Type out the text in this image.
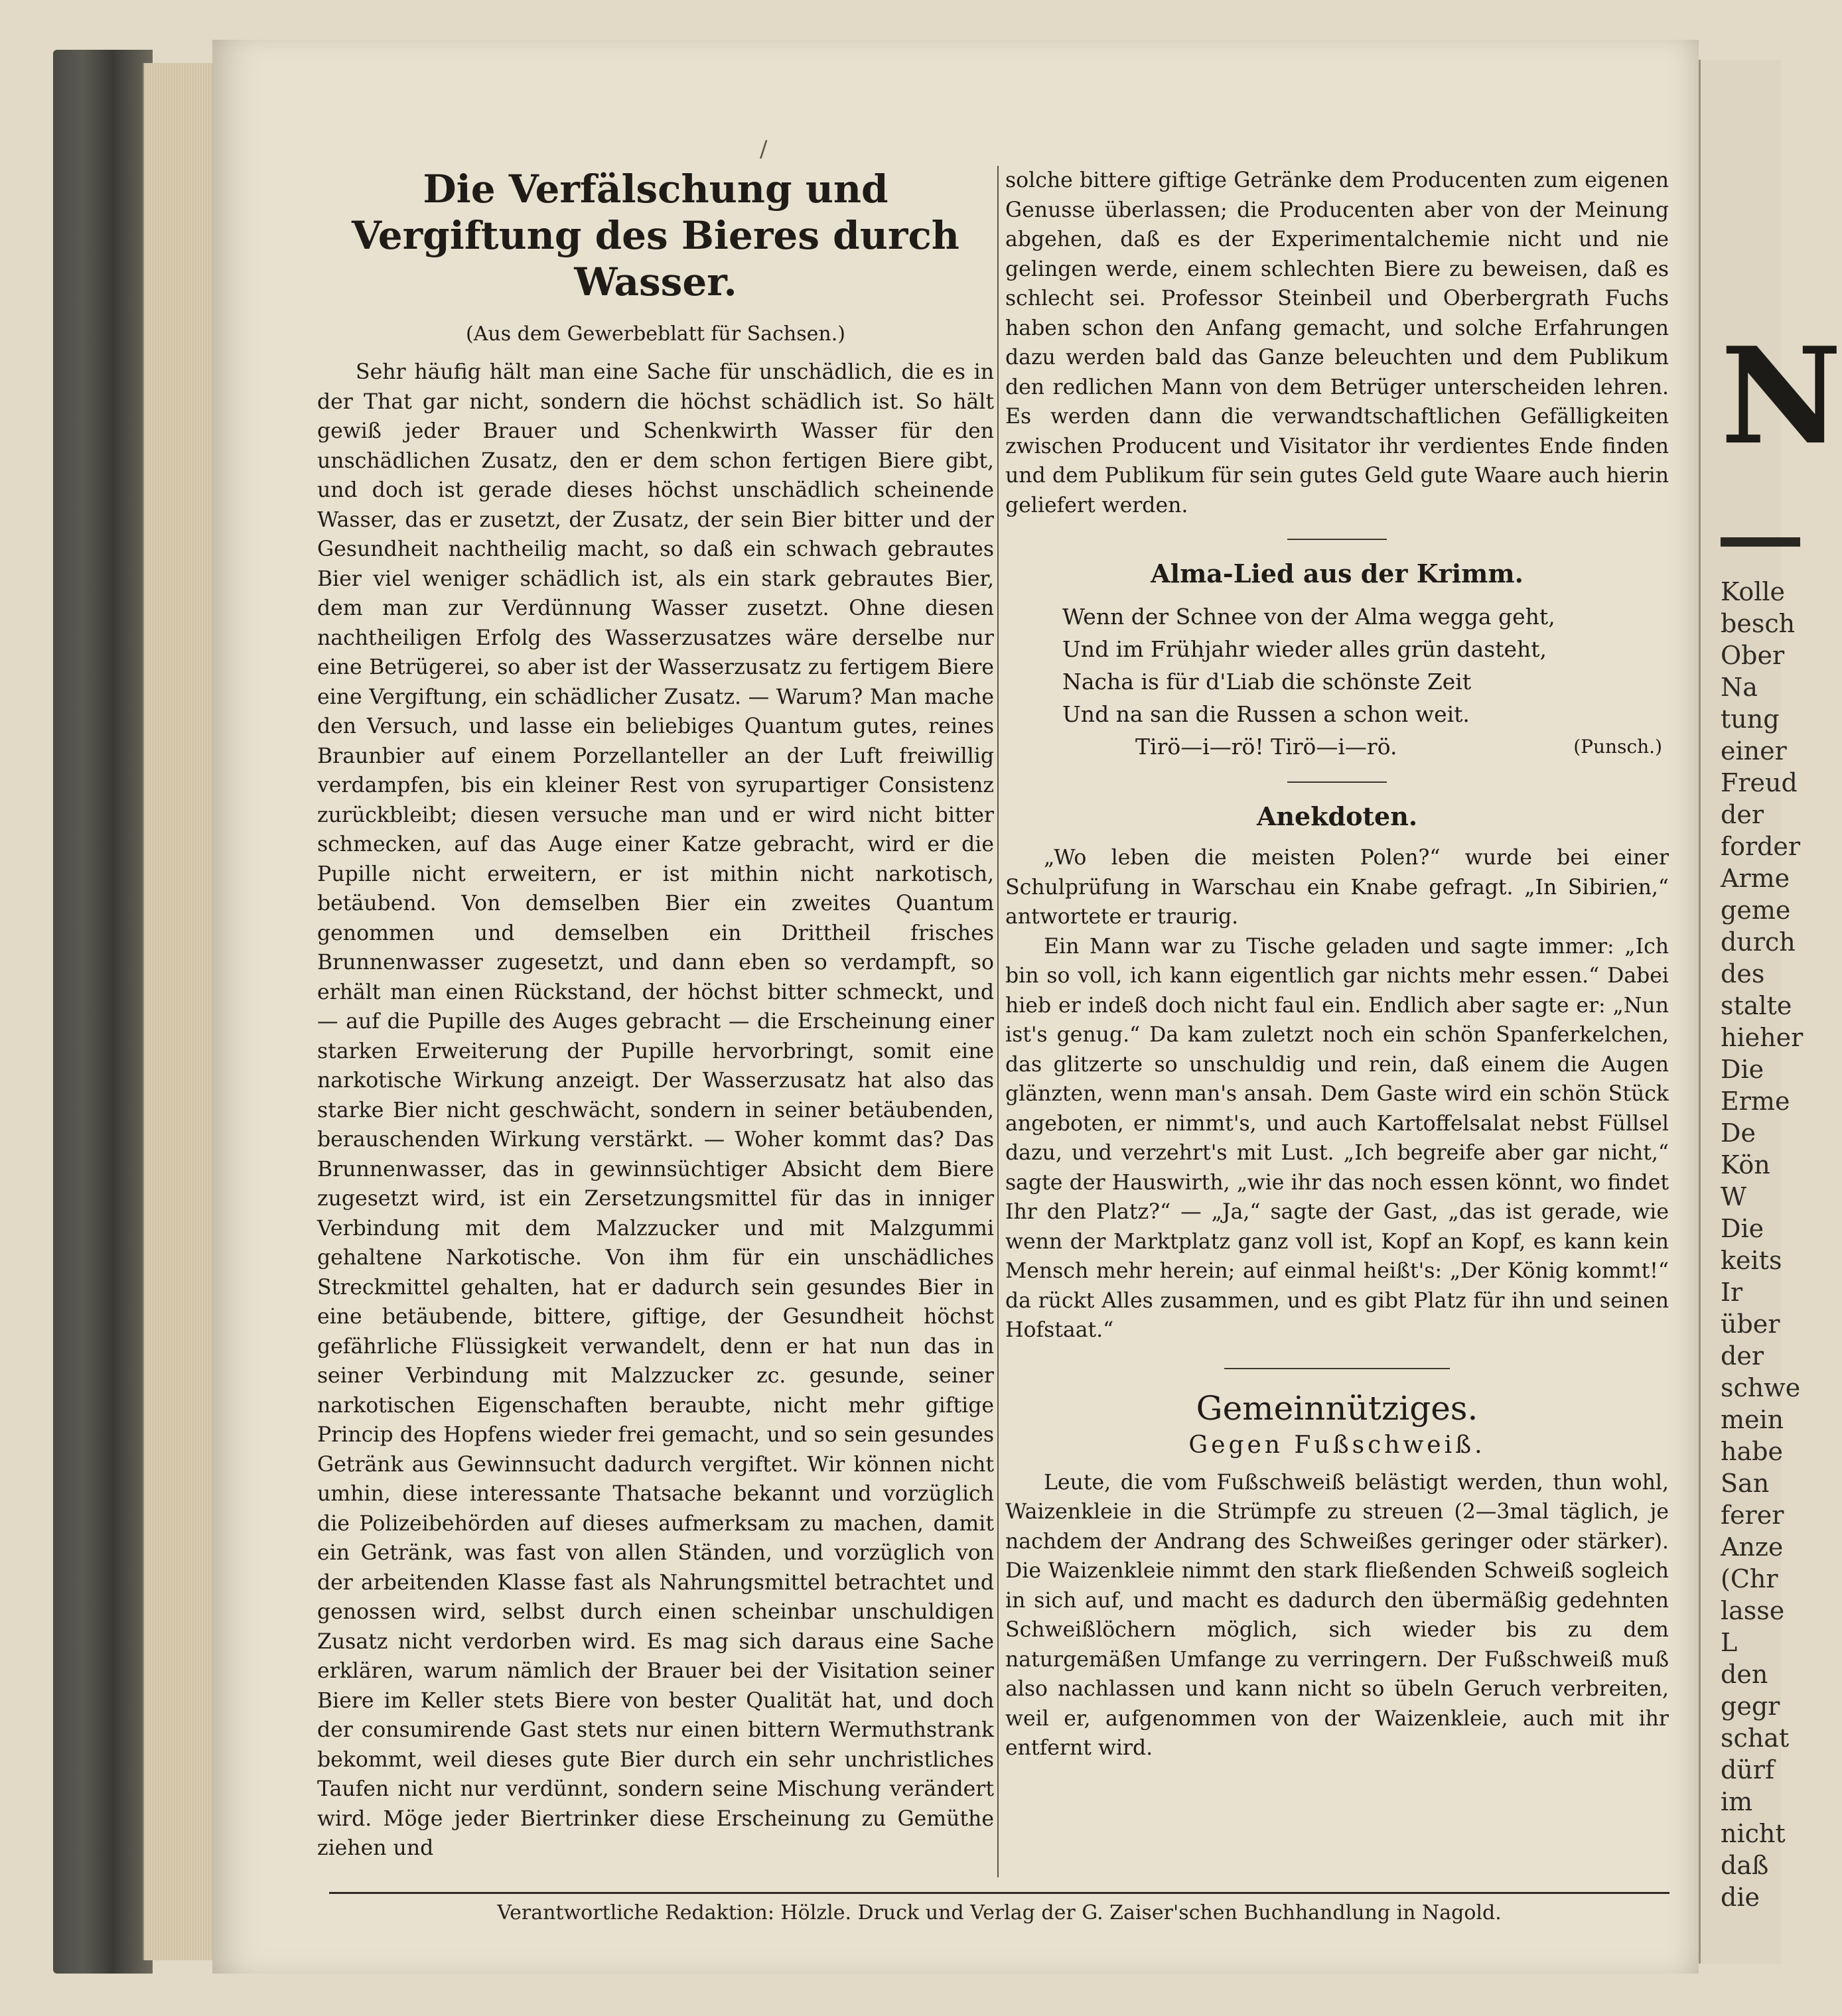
N
Kolle
besch
Ober
Na
tung
einer
Freud
der
forder
Arme
geme
durch
des
stalte
hieher
Die
Erme
De
Kön
W
Die
keits
Ir
über
der
schwe
mein
habe
San
ferer
Anze
(Chr
lasse
L
den
gegr
schat
dürf
im
nicht
daß
die
/
Die Verfälschung und Vergiftung des Bieres durch Wasser.
(Aus dem Gewerbeblatt für Sachsen.)

Sehr häufig hält man eine Sache für unschädlich, die es in der That gar nicht, sondern die höchst schädlich ist. So hält gewiß jeder Brauer und Schenkwirth Wasser für den unschädlichen Zusatz, den er dem schon fertigen Biere gibt, und doch ist gerade dieses höchst unschädlich scheinende Wasser, das er zusetzt, der Zusatz, der sein Bier bitter und der Gesundheit nachtheilig macht, so daß ein schwach gebrautes Bier viel weniger schädlich ist, als ein stark gebrautes Bier, dem man zur Verdünnung Wasser zusetzt. Ohne diesen nachtheiligen Erfolg des Wasserzusatzes wäre derselbe nur eine Betrügerei, so aber ist der Wasserzusatz zu fertigem Biere eine Vergiftung, ein schädlicher Zusatz. — Warum? Man mache den Versuch, und lasse ein beliebiges Quantum gutes, reines Braunbier auf einem Porzellanteller an der Luft freiwillig verdampfen, bis ein kleiner Rest von syrupartiger Consistenz zurückbleibt; diesen versuche man und er wird nicht bitter schmecken, auf das Auge einer Katze gebracht, wird er die Pupille nicht erweitern, er ist mithin nicht narkotisch, betäubend. Von demselben Bier ein zweites Quantum genommen und demselben ein Drittheil frisches Brunnenwasser zugesetzt, und dann eben so verdampft, so erhält man einen Rückstand, der höchst bitter schmeckt, und — auf die Pupille des Auges gebracht — die Erscheinung einer starken Erweiterung der Pupille hervorbringt, somit eine narkotische Wirkung anzeigt. Der Wasserzusatz hat also das starke Bier nicht geschwächt, sondern in seiner betäubenden, berauschenden Wirkung verstärkt. — Woher kommt das? Das Brunnenwasser, das in gewinnsüchtiger Absicht dem Biere zugesetzt wird, ist ein Zersetzungsmittel für das in inniger Verbindung mit dem Malzzucker und mit Malzgummi gehaltene Narkotische. Von ihm für ein unschädliches Streckmittel gehalten, hat er dadurch sein gesundes Bier in eine betäubende, bittere, giftige, der Gesundheit höchst gefährliche Flüssigkeit verwandelt, denn er hat nun das in seiner Verbindung mit Malzzucker zc. gesunde, seiner narkotischen Eigenschaften beraubte, nicht mehr giftige Princip des Hopfens wieder frei gemacht, und so sein gesundes Getränk aus Gewinnsucht dadurch vergiftet. Wir können nicht umhin, diese interessante Thatsache bekannt und vorzüglich die Polizeibehörden auf dieses aufmerksam zu machen, damit ein Getränk, was fast von allen Ständen, und vorzüglich von der arbeitenden Klasse fast als Nahrungsmittel betrachtet und genossen wird, selbst durch einen scheinbar unschuldigen Zusatz nicht verdorben wird. Es mag sich daraus eine Sache erklären, warum nämlich der Brauer bei der Visitation seiner Biere im Keller stets Biere von bester Qualität hat, und doch der consumirende Gast stets nur einen bittern Wermuthstrank bekommt, weil dieses gute Bier durch ein sehr unchristliches Taufen nicht nur verdünnt, sondern seine Mischung verändert wird. Möge jeder Biertrinker diese Erscheinung zu Gemüthe ziehen und

solche bittere giftige Getränke dem Producenten zum eigenen Genusse überlassen; die Producenten aber von der Meinung abgehen, daß es der Experimentalchemie nicht und nie gelingen werde, einem schlechten Biere zu beweisen, daß es schlecht sei. Professor Steinbeil und Oberbergrath Fuchs haben schon den Anfang gemacht, und solche Erfahrungen dazu werden bald das Ganze beleuchten und dem Publikum den redlichen Mann von dem Betrüger unterscheiden lehren. Es werden dann die verwandtschaftlichen Gefälligkeiten zwischen Producent und Visitator ihr verdientes Ende finden und dem Publikum für sein gutes Geld gute Waare auch hierin geliefert werden.

Alma-Lied aus der Krimm.
Wenn der Schnee von der Alma wegga geht,
Und im Frühjahr wieder alles grün dasteht,
Nacha is für d'Liab die schönste Zeit
Und na san die Russen a schon weit.
Tirö—i—rö! Tirö—i—rö.	(Punsch.)
Anekdoten.

„Wo leben die meisten Polen?“ wurde bei einer Schulprüfung in Warschau ein Knabe gefragt. „In Sibirien,“ antwortete er traurig.

Ein Mann war zu Tische geladen und sagte immer: „Ich bin so voll, ich kann eigentlich gar nichts mehr essen.“ Dabei hieb er indeß doch nicht faul ein. Endlich aber sagte er: „Nun ist's genug.“ Da kam zuletzt noch ein schön Spanferkelchen, das glitzerte so unschuldig und rein, daß einem die Augen glänzten, wenn man's ansah. Dem Gaste wird ein schön Stück angeboten, er nimmt's, und auch Kartoffelsalat nebst Füllsel dazu, und verzehrt's mit Lust. „Ich begreife aber gar nicht,“ sagte der Hauswirth, „wie ihr das noch essen könnt, wo findet Ihr den Platz?“ — „Ja,“ sagte der Gast, „das ist gerade, wie wenn der Marktplatz ganz voll ist, Kopf an Kopf, es kann kein Mensch mehr herein; auf einmal heißt's: „Der König kommt!“ da rückt Alles zusammen, und es gibt Platz für ihn und seinen Hofstaat.“

Gemeinnütziges.
Gegen Fußschweiß.

Leute, die vom Fußschweiß belästigt werden, thun wohl, Waizenkleie in die Strümpfe zu streuen (2—3mal täglich, je nachdem der Andrang des Schweißes geringer oder stärker). Die Waizenkleie nimmt den stark fließenden Schweiß sogleich in sich auf, und macht es dadurch den übermäßig gedehnten Schweißlöchern möglich, sich wieder bis zu dem naturgemäßen Umfange zu verringern. Der Fußschweiß muß also nachlassen und kann nicht so übeln Geruch verbreiten, weil er, aufgenommen von der Waizenkleie, auch mit ihr entfernt wird.

Verantwortliche Redaktion: Hölzle. Druck und Verlag der G. Zaiser'schen Buchhandlung in Nagold.
